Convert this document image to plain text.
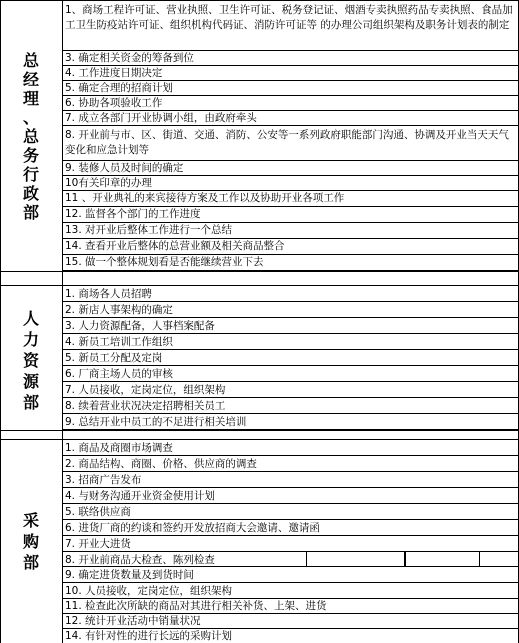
总
经
理
、
总
务
行
政
部
1、商场工程许可证、营业执照、卫生许可证、税务登记证、烟酒专卖执照药品专卖执照、食品加工卫生防疫站许可证、组织机构代码证、消防许可证等 的办理公司组织架构及职务计划表的制定
3. 确定相关资金的筹备到位
4. 工作进度日期决定
5. 确定合理的招商计划
6. 协助各项验收工作
7. 成立各部门开业协调小组，由政府牵头
8. 开业前与市、区、街道、交通、消防、公安等一系列政府职能部门沟通、协调及开业当天天气变化和应急计划等
9. 装修人员及时间的确定
10有关印章的办理
11 、开业典礼的来宾接待方案及工作以及协助开业各项工作
12. 监督各个部门的工作进度
13. 对开业后整体工作进行一个总结
14. 查看开业后整体的总营业额及相关商品整合
15. 做一个整体规划看是否能继续营业下去
人
力
资
源
部
1. 商场各人员招聘
2. 新店人事架构的确定
3. 人力资源配备，人事档案配备
4. 新员工培训工作组织
5. 新员工分配及定岗
6. 厂商主场人员的审核
7. 人员接收，定岗定位，组织架构
8. 续着营业状况决定招聘相关员工
9. 总结开业中员工的不足进行相关培训
采
购
部
1. 商品及商圈市场调查
2. 商品结构、商圈、价格、供应商的调查
3. 招商广告发布
4. 与财务沟通开业资金使用计划
5. 联络供应商
6. 进货厂商的约谈和签约开发放招商大会邀请、邀请函
7. 开业大进货
8. 开业前商品大检查、陈列检查
9. 确定进货数量及到货时间
10. 人员接收，定岗定位，组织架构
11. 检查此次所缺的商品对其进行相关补货、上架、进货
12. 统计开业活动中销量状况
14. 有针对性的进行长远的采购计划
